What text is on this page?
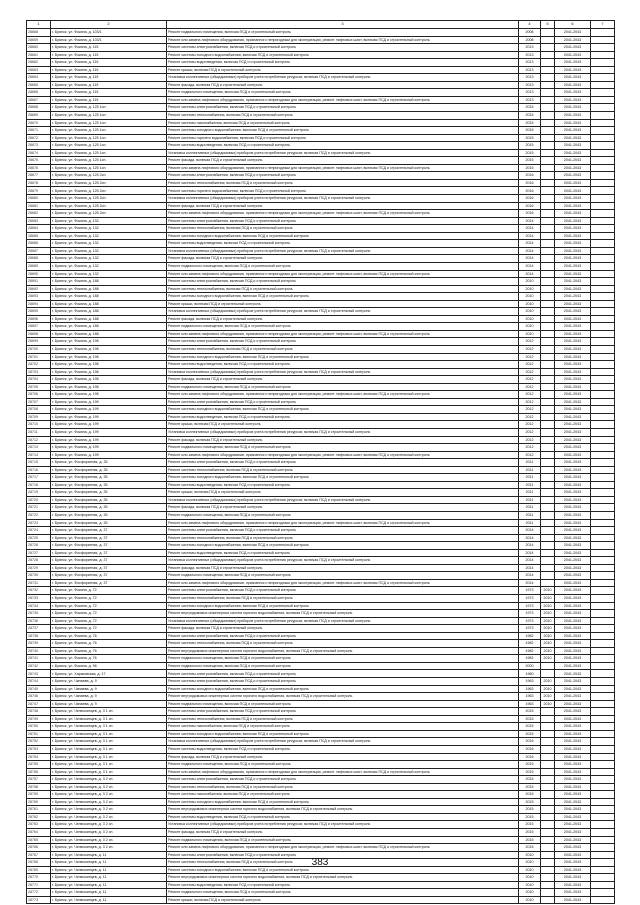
1	2	3	4	5	6	7
28668	г. Брянск, ул. Фокина, д. 103/1	Ремонт подвального помещения, включая ПСД и строительный контроль	2008		2041-2043	
28659	г. Брянск, ул. Фокина, д. 103/1	Ремонт или замена лифтового оборудования, признанного непригодным для эксплуатации, ремонт лифтовых шахт, включая ПСД и строительный контроль	2008		2041-2043	
28660	г. Брянск, ул. Фокина, д. 115	Ремонт системы электроснабжения, включая ПСД и строительный контроль	2013		2041-2043	
28661	г. Брянск, ул. Фокина, д. 115	Ремонт системы холодного водоснабжения, включая ПСД и строительный контроль	2013		2041-2043	
28662	г. Брянск, ул. Фокина, д. 115	Ремонт системы водоотведения, включая ПСД и строительный контроль	2013		2041-2043	
28663	г. Брянск, ул. Фокина, д. 115	Ремонт крыши, включая ПСД и строительный контроль	2013		2041-2043	
28664	г. Брянск, ул. Фокина, д. 115	Установка коллективных (общедомовых) приборов учета потребления ресурсов, включая ПСД и строительный контроль	2013		2041-2043	
28665	г. Брянск, ул. Фокина, д. 115	Ремонт фасада, включая ПСД и строительный контроль	2013		2041-2043	
28666	г. Брянск, ул. Фокина, д. 115	Ремонт подвального помещения, включая ПСД и строительный контроль	2013		2041-2043	
28667	г. Брянск, ул. Фокина, д. 115	Ремонт или замена лифтового оборудования, признанного непригодным для эксплуатации, ремонт лифтовых шахт, включая ПСД и строительный контроль	2013		2041-2043	
28668	г. Брянск, ул. Фокина, д. 125 1сп.	Ремонт системы электроснабжения, включая ПСД и строительный контроль	2015		2041-2043	
28669	г. Брянск, ул. Фокина, д. 125 1сп.	Ремонт системы теплоснабжения, включая ПСД и строительный контроль	2015		2041-2043	
28670	г. Брянск, ул. Фокина, д. 125 1сп.	Ремонт системы газоснабжения, включая ПСД и строительный контроль	2015		2041-2043	
28671	г. Брянск, ул. Фокина, д. 125 1сп.	Ремонт системы холодного водоснабжения, включая ПСД и строительный контроль	2015		2041-2043	
28672	г. Брянск, ул. Фокина, д. 125 1сп.	Ремонт системы горячего водоснабжения, включая ПСД и строительный контроль	2015		2041-2043	
28673	г. Брянск, ул. Фокина, д. 125 1сп.	Ремонт системы водоотведения, включая ПСД и строительный контроль	2015		2041-2043	
28674	г. Брянск, ул. Фокина, д. 125 1сп.	Установка коллективных (общедомовых) приборов учета потребления ресурсов, включая ПСД и строительный контроль	2015		2041-2043	
28675	г. Брянск, ул. Фокина, д. 125 1сп.	Ремонт фасада, включая ПСД и строительный контроль	2015		2041-2043	
28676	г. Брянск, ул. Фокина, д. 125 1сп.	Ремонт или замена лифтового оборудования, признанного непригодным для эксплуатации, ремонт лифтовых шахт, включая ПСД и строительный контроль	2015		2041-2043	
28677	г. Брянск, ул. Фокина, д. 125 2сп.	Ремонт системы электроснабжения, включая ПСД и строительный контроль	2016		2041-2043	
28678	г. Брянск, ул. Фокина, д. 125 2сп.	Ремонт системы теплоснабжения, включая ПСД и строительный контроль	2016		2041-2043	
28679	г. Брянск, ул. Фокина, д. 125 2сп.	Ремонт системы горячего водоснабжения, включая ПСД и строительный контроль	2016		2041-2043	
28680	г. Брянск, ул. Фокина, д. 125 2сп.	Установка коллективных (общедомовых) приборов учета потребления ресурсов, включая ПСД и строительный контроль	2016		2041-2043	
28681	г. Брянск, ул. Фокина, д. 125 2сп.	Ремонт фасада, включая ПСД и строительный контроль	2016		2041-2043	
28682	г. Брянск, ул. Фокина, д. 125 2сп.	Ремонт или замена лифтового оборудования, признанного непригодным для эксплуатации, ремонт лифтовых шахт, включая ПСД и строительный контроль	2016		2041-2043	
28683	г. Брянск, ул. Фокина, д. 132	Ремонт системы электроснабжения, включая ПСД и строительный контроль	2014		2041-2043	
28684	г. Брянск, ул. Фокина, д. 132	Ремонт системы теплоснабжения, включая ПСД и строительный контроль	2014		2041-2043	
28685	г. Брянск, ул. Фокина, д. 132	Ремонт системы холодного водоснабжения, включая ПСД и строительный контроль	2014		2041-2043	
28686	г. Брянск, ул. Фокина, д. 132	Ремонт системы водоотведения, включая ПСД и строительный контроль	2014		2041-2043	
28687	г. Брянск, ул. Фокина, д. 132	Установка коллективных (общедомовых) приборов учета потребления ресурсов, включая ПСД и строительный контроль	2014		2041-2043	
28688	г. Брянск, ул. Фокина, д. 132	Ремонт фасада, включая ПСД и строительный контроль	2014		2041-2043	
28689	г. Брянск, ул. Фокина, д. 132	Ремонт подвального помещения, включая ПСД и строительный контроль	2014		2041-2043	
28690	г. Брянск, ул. Фокина, д. 132	Ремонт или замена лифтового оборудования, признанного непригодным для эксплуатации, ремонт лифтовых шахт, включая ПСД и строительный контроль	2014		2041-2043	
28691	г. Брянск, ул. Фокина, д. 188	Ремонт системы электроснабжения, включая ПСД и строительный контроль	2010		2041-2043	
28692	г. Брянск, ул. Фокина, д. 188	Ремонт системы теплоснабжения, включая ПСД и строительный контроль	2010		2041-2043	
28693	г. Брянск, ул. Фокина, д. 188	Ремонт системы холодного водоснабжения, включая ПСД и строительный контроль	2010		2041-2043	
28694	г. Брянск, ул. Фокина, д. 188	Ремонт крыши, включая ПСД и строительный контроль	2010		2041-2043	
28695	г. Брянск, ул. Фокина, д. 188	Установка коллективных (общедомовых) приборов учета потребления ресурсов, включая ПСД и строительный контроль	2010		2041-2043	
28696	г. Брянск, ул. Фокина, д. 188	Ремонт фасада, включая ПСД и строительный контроль	2010		2041-2043	
28697	г. Брянск, ул. Фокина, д. 188	Ремонт подвального помещения, включая ПСД и строительный контроль	2010		2041-2043	
28698	г. Брянск, ул. Фокина, д. 188	Ремонт или замена лифтового оборудования, признанного непригодным для эксплуатации, ремонт лифтовых шахт, включая ПСД и строительный контроль	2010		2041-2043	
28699	г. Брянск, ул. Фокина, д. 196	Ремонт системы электроснабжения, включая ПСД и строительный контроль	2012		2041-2043	
28700	г. Брянск, ул. Фокина, д. 196	Ремонт системы теплоснабжения, включая ПСД и строительный контроль	2012		2041-2043	
28701	г. Брянск, ул. Фокина, д. 196	Ремонт системы холодного водоснабжения, включая ПСД и строительный контроль	2012		2041-2043	
28702	г. Брянск, ул. Фокина, д. 196	Ремонт системы водоотведения, включая ПСД и строительный контроль	2012		2041-2043	
28703	г. Брянск, ул. Фокина, д. 196	Установка коллективных (общедомовых) приборов учета потребления ресурсов, включая ПСД и строительный контроль	2012		2041-2043	
28704	г. Брянск, ул. Фокина, д. 196	Ремонт фасада, включая ПСД и строительный контроль	2012		2041-2043	
28705	г. Брянск, ул. Фокина, д. 196	Ремонт подвального помещения, включая ПСД и строительный контроль	2012		2041-2043	
28706	г. Брянск, ул. Фокина, д. 196	Ремонт или замена лифтового оборудования, признанного непригодным для эксплуатации, ремонт лифтовых шахт, включая ПСД и строительный контроль	2012		2041-2043	
28707	г. Брянск, ул. Фокина, д. 199	Ремонт системы электроснабжения, включая ПСД и строительный контроль	2012		2041-2043	
28708	г. Брянск, ул. Фокина, д. 199	Ремонт системы холодного водоснабжения, включая ПСД и строительный контроль	2012		2041-2043	
28709	г. Брянск, ул. Фокина, д. 199	Ремонт системы водоотведения, включая ПСД и строительный контроль	2012		2041-2043	
28710	г. Брянск, ул. Фокина, д. 199	Ремонт крыши, включая ПСД и строительный контроль	2012		2041-2043	
28711	г. Брянск, ул. Фокина, д. 199	Установка коллективных (общедомовых) приборов учета потребления ресурсов, включая ПСД и строительный контроль	2012		2041-2043	
28712	г. Брянск, ул. Фокина, д. 199	Ремонт фасада, включая ПСД и строительный контроль	2012		2041-2043	
28713	г. Брянск, ул. Фокина, д. 199	Ремонт подвального помещения, включая ПСД и строительный контроль	2012		2041-2043	
28714	г. Брянск, ул. Фокина, д. 199	Ремонт или замена лифтового оборудования, признанного непригодным для эксплуатации, ремонт лифтовых шахт, включая ПСД и строительный контроль	2012		2041-2043	
28715	г. Брянск, ул. Фосфоритная, д. 35	Ремонт системы электроснабжения, включая ПСД и строительный контроль	2011		2041-2043	
28716	г. Брянск, ул. Фосфоритная, д. 35	Ремонт системы теплоснабжения, включая ПСД и строительный контроль	2011		2041-2043	
28717	г. Брянск, ул. Фосфоритная, д. 35	Ремонт системы холодного водоснабжения, включая ПСД и строительный контроль	2011		2041-2043	
28718	г. Брянск, ул. Фосфоритная, д. 35	Ремонт системы водоотведения, включая ПСД и строительный контроль	2011		2041-2043	
28719	г. Брянск, ул. Фосфоритная, д. 35	Ремонт крыши, включая ПСД и строительный контроль	2011		2041-2043	
28720	г. Брянск, ул. Фосфоритная, д. 35	Установка коллективных (общедомовых) приборов учета потребления ресурсов, включая ПСД и строительный контроль	2011		2041-2043	
28721	г. Брянск, ул. Фосфоритная, д. 35	Ремонт фасада, включая ПСД и строительный контроль	2011		2041-2043	
28722	г. Брянск, ул. Фосфоритная, д. 35	Ремонт подвального помещения, включая ПСД и строительный контроль	2011		2041-2043	
28723	г. Брянск, ул. Фосфоритная, д. 35	Ремонт или замена лифтового оборудования, признанного непригодным для эксплуатации, ремонт лифтовых шахт, включая ПСД и строительный контроль	2011		2041-2043	
28724	г. Брянск, ул. Фосфоритная, д. 37	Ремонт системы электроснабжения, включая ПСД и строительный контроль	2014		2041-2043	
28725	г. Брянск, ул. Фосфоритная, д. 37	Ремонт системы теплоснабжения, включая ПСД и строительный контроль	2014		2041-2043	
28726	г. Брянск, ул. Фосфоритная, д. 37	Ремонт системы холодного водоснабжения, включая ПСД и строительный контроль	2014		2041-2043	
28727	г. Брянск, ул. Фосфоритная, д. 37	Ремонт системы водоотведения, включая ПСД и строительный контроль	2014		2041-2043	
28728	г. Брянск, ул. Фосфоритная, д. 37	Установка коллективных (общедомовых) приборов учета потребления ресурсов, включая ПСД и строительный контроль	2014		2041-2043	
28729	г. Брянск, ул. Фосфоритная, д. 37	Ремонт фасада, включая ПСД и строительный контроль	2014		2041-2043	
28730	г. Брянск, ул. Фосфоритная, д. 37	Ремонт подвального помещения, включая ПСД и строительный контроль	2014		2041-2043	
28731	г. Брянск, ул. Фосфоритная, д. 37	Ремонт или замена лифтового оборудования, признанного непригодным для эксплуатации, ремонт лифтовых шахт, включая ПСД и строительный контроль	2014		2041-2043	
28732	г. Брянск, ул. Фокина, д. 72	Ремонт системы электроснабжения, включая ПСД и строительный контроль	1973	2010	2041-2043	
28733	г. Брянск, ул. Фокина, д. 72	Ремонт системы теплоснабжения, включая ПСД и строительный контроль	1973	2010	2041-2043	
28734	г. Брянск, ул. Фокина, д. 72	Ремонт системы холодного водоснабжения, включая ПСД и строительный контроль	1973	2010	2041-2043	
28735	г. Брянск, ул. Фокина, д. 72	Ремонт внутридомовых инженерных систем горячего водоснабжения, включая ПСД и строительный контроль	1973	2010	2041-2043	
28736	г. Брянск, ул. Фокина, д. 72	Установка коллективных (общедомовых) приборов учета потребления ресурсов, включая ПСД и строительный контроль	1973	2010	2041-2043	
28737	г. Брянск, ул. Фокина, д. 72	Ремонт фасада, включая ПСД и строительный контроль	1973	2010	2041-2043	
28738	г. Брянск, ул. Фокина, д. 76	Ремонт системы электроснабжения, включая ПСД и строительный контроль	1982	2010	2041-2043	
28739	г. Брянск, ул. Фокина, д. 76	Ремонт системы теплоснабжения, включая ПСД и строительный контроль	1982	2010	2041-2043	
28740	г. Брянск, ул. Фокина, д. 76	Ремонт внутридомовых инженерных систем горячего водоснабжения, включая ПСД и строительный контроль	1982	2010	2041-2043	
28741	г. Брянск, ул. Фокина, д. 76	Ремонт подвального помещения, включая ПСД и строительный контроль	1982	2010	2041-2043	
28742	г. Брянск, ул. Фокина, д. 98	Ремонт подвального помещения, включая ПСД и строительный контроль	2000		2041-2043	
28743	г. Брянск, ул. Харьковская, д. 17	Ремонт системы электроснабжения, включая ПСД и строительный контроль	1960		2041-2043	
28744	г. Брянск, ул. Чапаева, д. 9	Ремонт системы электроснабжения, включая ПСД и строительный контроль	1963	2010	2041-2043	
28745	г. Брянск, ул. Чапаева, д. 9	Ремонт системы холодного водоснабжения, включая ПСД и строительный контроль	1963	2010	2041-2043	
28746	г. Брянск, ул. Чапаева, д. 9	Ремонт внутридомовых инженерных систем горячего водоснабжения, включая ПСД и строительный контроль	1963	2010	2041-2043	
28747	г. Брянск, ул. Чапаева, д. 9	Ремонт подвального помещения, включая ПСД и строительный контроль	1963	2010	2041-2043	
28748	г. Брянск, ул. Челюскинцев, д. 3 1 сп.	Ремонт системы электроснабжения, включая ПСД и строительный контроль	2015		2041-2043	
28749	г. Брянск, ул. Челюскинцев, д. 3 1 сп.	Ремонт системы теплоснабжения, включая ПСД и строительный контроль	2015		2041-2043	
28750	г. Брянск, ул. Челюскинцев, д. 3 1 сп.	Ремонт системы газоснабжения, включая ПСД и строительный контроль	2015		2041-2043	
28751	г. Брянск, ул. Челюскинцев, д. 3 1 сп.	Ремонт системы холодного водоснабжения, включая ПСД и строительный контроль	2015		2041-2043	
28752	г. Брянск, ул. Челюскинцев, д. 3 1 сп.	Установка коллективных (общедомовых) приборов учета потребления ресурсов, включая ПСД и строительный контроль	2015		2041-2043	
28753	г. Брянск, ул. Челюскинцев, д. 3 1 сп.	Ремонт системы водоотведения, включая ПСД и строительный контроль	2015		2041-2043	
28754	г. Брянск, ул. Челюскинцев, д. 3 1 сп.	Ремонт фасада, включая ПСД и строительный контроль	2015		2041-2043	
28755	г. Брянск, ул. Челюскинцев, д. 3 1 сп.	Ремонт подвального помещения, включая ПСД и строительный контроль	2015		2041-2043	
28756	г. Брянск, ул. Челюскинцев, д. 3 1 сп.	Ремонт или замена лифтового оборудования, признанного непригодным для эксплуатации, ремонт лифтовых шахт, включая ПСД и строительный контроль	2015		2041-2043	
28757	г. Брянск, ул. Челюскинцев, д. 3 2 сп.	Ремонт системы электроснабжения, включая ПСД и строительный контроль	2015		2041-2043	
28758	г. Брянск, ул. Челюскинцев, д. 3 2 сп.	Ремонт системы теплоснабжения, включая ПСД и строительный контроль	2015		2041-2043	
28759	г. Брянск, ул. Челюскинцев, д. 3 2 сп.	Ремонт системы газоснабжения, включая ПСД и строительный контроль	2015		2041-2043	
28760	г. Брянск, ул. Челюскинцев, д. 3 2 сп.	Ремонт системы холодного водоснабжения, включая ПСД и строительный контроль	2015		2041-2043	
28761	г. Брянск, ул. Челюскинцев, д. 3 2 сп.	Ремонт внутридомовых инженерных систем горячего водоснабжения, включая ПСД и строительный контроль	2015		2041-2043	
28762	г. Брянск, ул. Челюскинцев, д. 3 2 сп.	Ремонт системы водоотведения, включая ПСД и строительный контроль	2015		2041-2043	
28763	г. Брянск, ул. Челюскинцев, д. 3 2 сп.	Установка коллективных (общедомовых) приборов учета потребления ресурсов, включая ПСД и строительный контроль	2015		2041-2043	
28764	г. Брянск, ул. Челюскинцев, д. 3 2 сп.	Ремонт фасада, включая ПСД и строительный контроль	2015		2041-2043	
28765	г. Брянск, ул. Челюскинцев, д. 3 2 сп.	Ремонт подвального помещения, включая ПСД и строительный контроль	2015		2041-2043	
28766	г. Брянск, ул. Челюскинцев, д. 3 2 сп.	Ремонт или замена лифтового оборудования, признанного непригодным для эксплуатации, ремонт лифтовых шахт, включая ПСД и строительный контроль	2015		2041-2043	
28767	г. Брянск, ул. Челюскинцев, д. 11	Ремонт системы электроснабжения, включая ПСД и строительный контроль	2010		2041-2043	
28768	г. Брянск, ул. Челюскинцев, д. 11	Ремонт системы теплоснабжения, включая ПСД и строительный контроль	2010		2041-2043	
28769	г. Брянск, ул. Челюскинцев, д. 11	Ремонт системы холодного водоснабжения, включая ПСД и строительный контроль	2010		2041-2043	
28770	г. Брянск, ул. Челюскинцев, д. 11	Ремонт внутридомовых инженерных систем горячего водоснабжения, включая ПСД и строительный контроль	2010		2041-2043	
28771	г. Брянск, ул. Челюскинцев, д. 11	Ремонт системы водоотведения, включая ПСД и строительный контроль	2010		2041-2043	
28772	г. Брянск, ул. Челюскинцев, д. 11	Ремонт подвального помещения, включая ПСД и строительный контроль	2010		2041-2043	
28773	г. Брянск, ул. Челюскинцев, д. 11	Ремонт крыши, включая ПСД и строительный контроль	2010		2041-2043	
383
